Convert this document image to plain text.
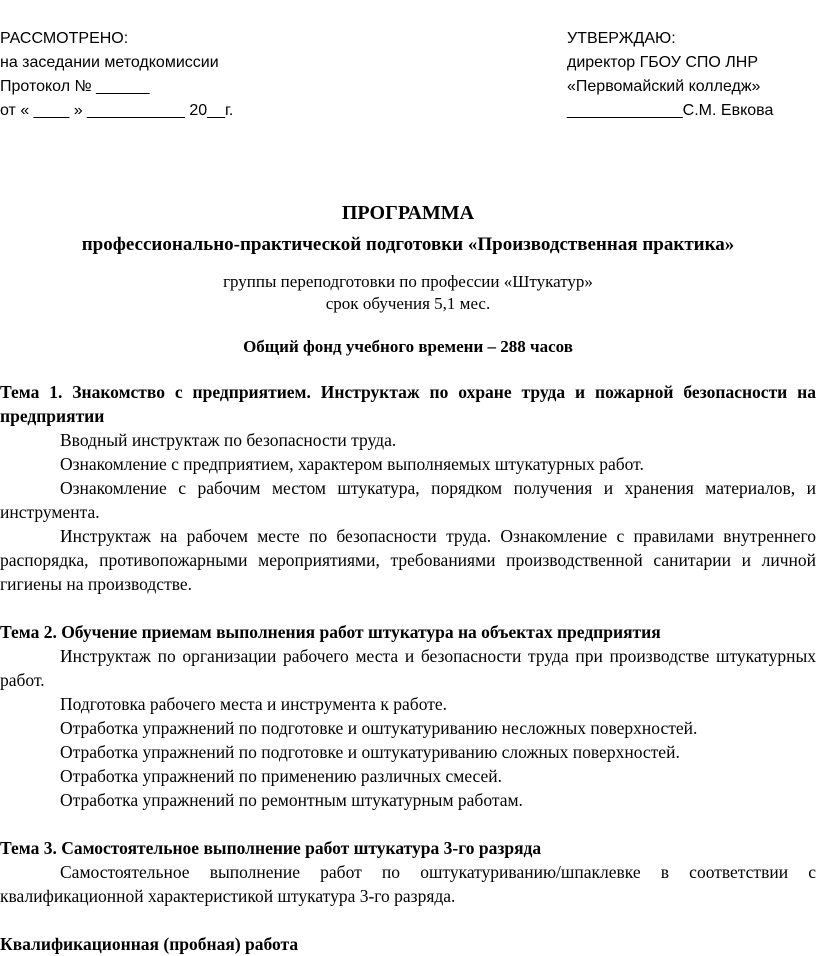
РАССМОТРЕНО:
на заседании методкомиссии
Протокол № ______
от « ____ » ___________ 20__г.
УТВЕРЖДАЮ:
директор ГБОУ СПО ЛНР
«Первомайский колледж»
_____________С.М. Евкова
ПРОГРАММА
профессионально-практической подготовки «Производственная практика»
группы переподготовки по профессии «Штукатур»
срок обучения 5,1 мес.
Общий фонд учебного времени – 288 часов

Тема 1. Знакомство с предприятием. Инструктаж по охране труда и пожарной безопасности на предприятии

Вводный инструктаж по безопасности труда.

Ознакомление с предприятием, характером выполняемых штукатурных работ.

Ознакомление с рабочим местом штукатура, порядком получения и хранения материалов, и инструмента.

Инструктаж на рабочем месте по безопасности труда. Ознакомление с правилами внутреннего распорядка, противопожарными мероприятиями, требованиями производственной санитарии и личной гигиены на производстве.

Тема 2. Обучение приемам выполнения работ штукатура на объектах предприятия

Инструктаж по организации рабочего места и безопасности труда при производстве штукатурных работ.

Подготовка рабочего места и инструмента к работе.

Отработка упражнений по подготовке и оштукатуриванию несложных поверхностей.

Отработка упражнений по подготовке и оштукатуриванию сложных поверхностей.

Отработка упражнений по применению различных смесей.

Отработка упражнений по ремонтным штукатурным работам.

Тема 3. Самостоятельное выполнение работ штукатура 3-го разряда

Самостоятельное выполнение работ по оштукатуриванию/шпаклевке в соответствии с квалификационной характеристикой штукатура 3-го разряда.

Квалификационная (пробная) работа
